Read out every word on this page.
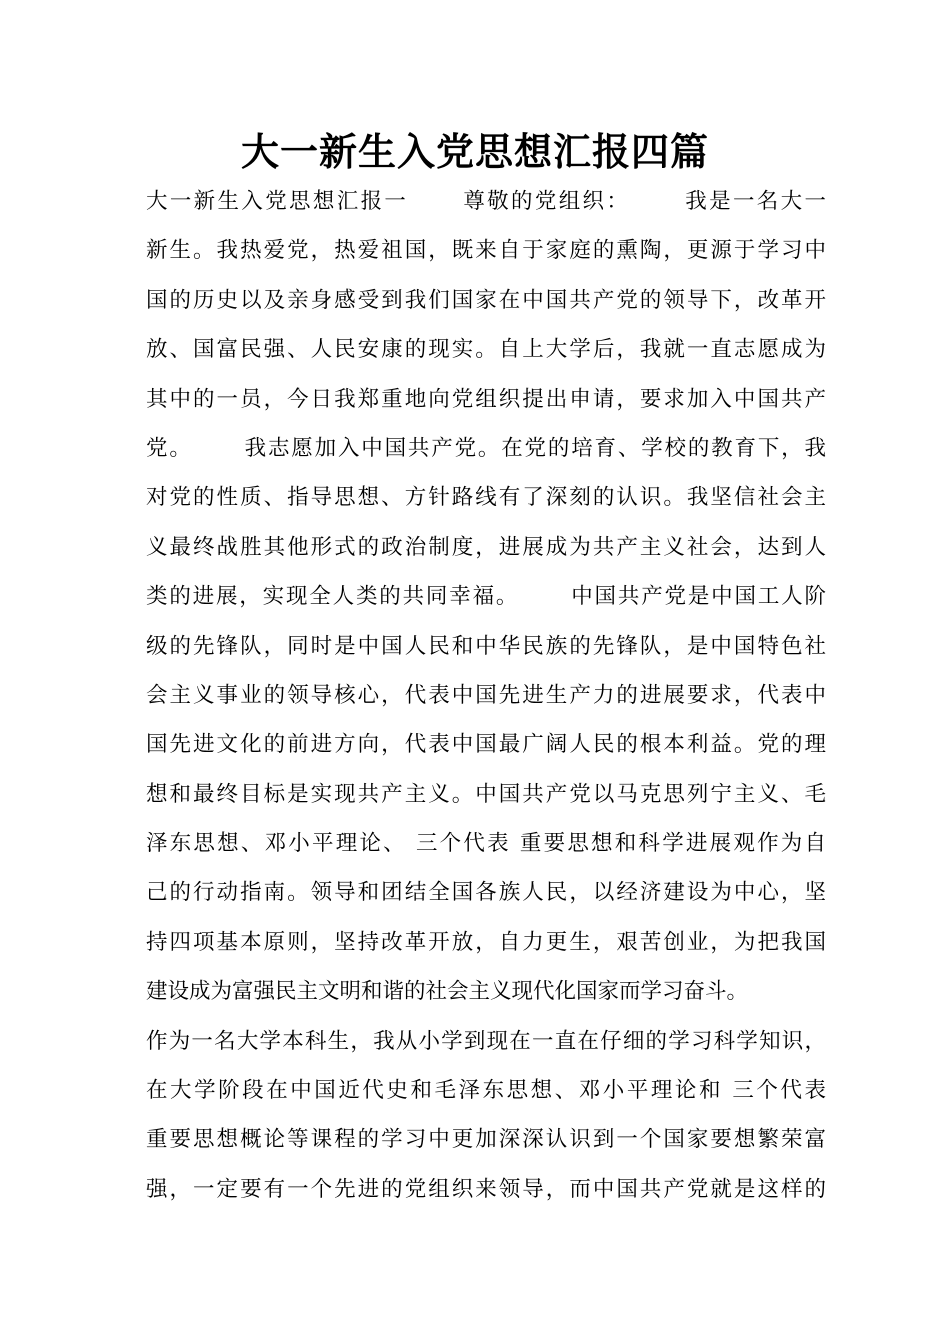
大一新生入党思想汇报四篇
大一新生入党思想汇报一      尊敬的党组织：      我是一名大一
新生。我热爱党，热爱祖国，既来自于家庭的熏陶，更源于学习中
国的历史以及亲身感受到我们国家在中国共产党的领导下，改革开
放、国富民强、人民安康的现实。自上大学后，我就一直志愿成为
其中的一员，今日我郑重地向党组织提出申请，要求加入中国共产
党。      我志愿加入中国共产党。在党的培育、学校的教育下，我
对党的性质、指导思想、方针路线有了深刻的认识。我坚信社会主
义最终战胜其他形式的政治制度，进展成为共产主义社会，达到人
类的进展，实现全人类的共同幸福。      中国共产党是中国工人阶
级的先锋队，同时是中国人民和中华民族的先锋队，是中国特色社
会主义事业的领导核心，代表中国先进生产力的进展要求，代表中
国先进文化的前进方向，代表中国最广阔人民的根本利益。党的理
想和最终目标是实现共产主义。中国共产党以马克思列宁主义、毛
泽东思想、邓小平理论、 三个代表 重要思想和科学进展观作为自
己的行动指南。领导和团结全国各族人民，以经济建设为中心，坚
持四项基本原则，坚持改革开放，自力更生，艰苦创业，为把我国
建设成为富强民主文明和谐的社会主义现代化国家而学习奋斗。
作为一名大学本科生，我从小学到现在一直在仔细的学习科学知识，
在大学阶段在中国近代史和毛泽东思想、邓小平理论和 三个代表
重要思想概论等课程的学习中更加深深认识到一个国家要想繁荣富
强，一定要有一个先进的党组织来领导，而中国共产党就是这样的
